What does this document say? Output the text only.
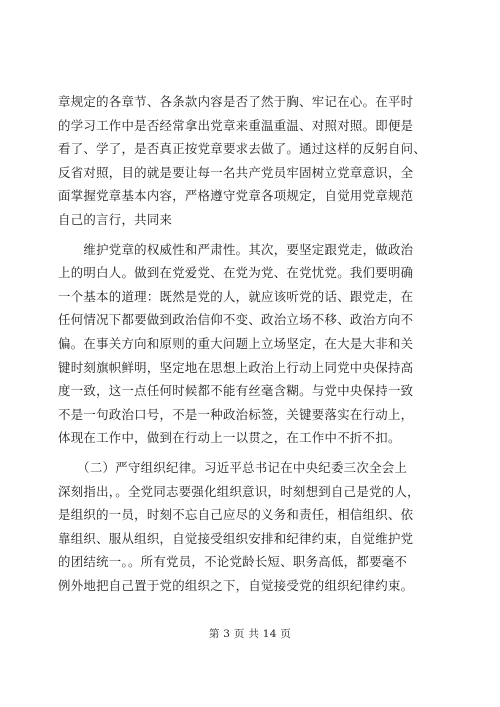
章规定的各章节、各条款内容是否了然于胸、牢记在心。在平时
的学习工作中是否经常拿出党章来重温重温、对照对照。即便是
看了、学了，是否真正按党章要求去做了。通过这样的反躬自问、
反省对照，目的就是要让每一名共产党员牢固树立党章意识，全
面掌握党章基本内容，严格遵守党章各项规定，自觉用党章规范
自己的言行，共同来

　　维护党章的权威性和严肃性。其次，要坚定跟党走，做政治
上的明白人。做到在党爱党、在党为党、在党忧党。我们要明确
一个基本的道理：既然是党的人，就应该听党的话、跟党走，在
任何情况下都要做到政治信仰不变、政治立场不移、政治方向不
偏。在事关方向和原则的重大问题上立场坚定，在大是大非和关
键时刻旗帜鲜明，坚定地在思想上政治上行动上同党中央保持高
度一致，这一点任何时候都不能有丝毫含糊。与党中央保持一致
不是一句政治口号，不是一种政治标签，关键要落实在行动上，
体现在工作中，做到在行动上一以贯之，在工作中不折不扣。

　　（二）严守组织纪律。习近平总书记在中央纪委三次全会上
深刻指出，。全党同志要强化组织意识，时刻想到自己是党的人，
是组织的一员，时刻不忘自己应尽的义务和责任，相信组织、依
靠组织、服从组织，自觉接受组织安排和纪律约束，自觉维护党
的团结统一。。所有党员，不论党龄长短、职务高低，都要毫不
例外地把自己置于党的组织之下，自觉接受党的组织纪律约束。

第 3 页 共 14 页
